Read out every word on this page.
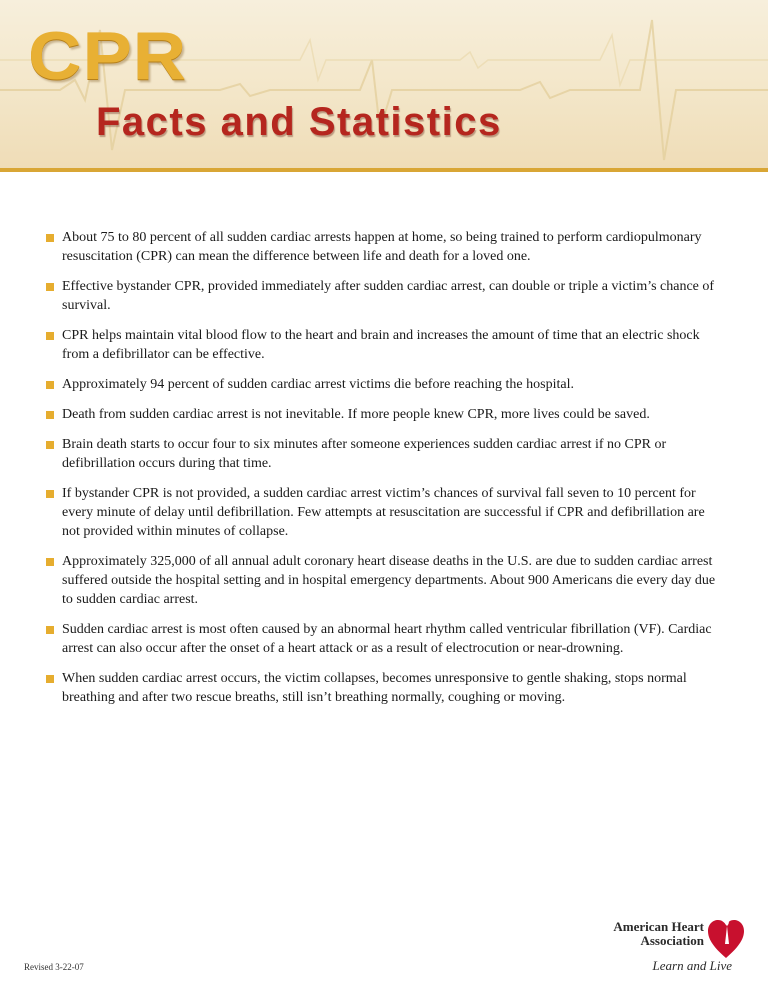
CPR
Facts and Statistics
About 75 to 80 percent of all sudden cardiac arrests happen at home, so being trained to perform cardiopulmonary resuscitation (CPR) can mean the difference between life and death for a loved one.
Effective bystander CPR, provided immediately after sudden cardiac arrest, can double or triple a victim’s chance of survival.
CPR helps maintain vital blood flow to the heart and brain and increases the amount of time that an electric shock from a defibrillator can be effective.
Approximately 94 percent of sudden cardiac arrest victims die before reaching the hospital.
Death from sudden cardiac arrest is not inevitable. If more people knew CPR, more lives could be saved.
Brain death starts to occur four to six minutes after someone experiences sudden cardiac arrest if no CPR or defibrillation occurs during that time.
If bystander CPR is not provided, a sudden cardiac arrest victim’s chances of survival fall seven to 10 percent for every minute of delay until defibrillation. Few attempts at resuscitation are successful if CPR and defibrillation are not provided within minutes of collapse.
Approximately 325,000 of all annual adult coronary heart disease deaths in the U.S. are due to sudden cardiac arrest suffered outside the hospital setting and in hospital emergency departments. About 900 Americans die every day due to sudden cardiac arrest.
Sudden cardiac arrest is most often caused by an abnormal heart rhythm called ventricular fibrillation (VF). Cardiac arrest can also occur after the onset of a heart attack or as a result of electrocution or near-drowning.
When sudden cardiac arrest occurs, the victim collapses, becomes unresponsive to gentle shaking, stops normal breathing and after two rescue breaths, still isn’t breathing normally, coughing or moving.
Revised 3-22-07
American Heart
Association
Learn and Live
